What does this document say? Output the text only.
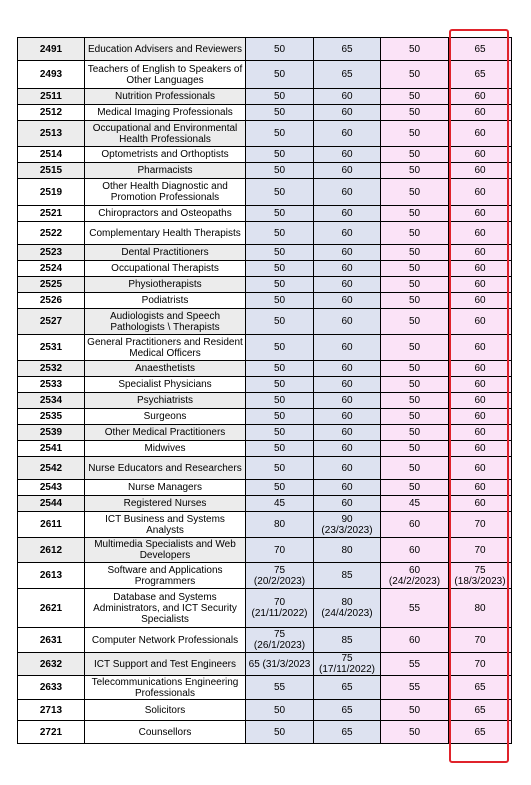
2491	Education Advisers and Reviewers	50	65	50	65
2493	Teachers of English to Speakers of Other Languages	50	65	50	65
2511	Nutrition Professionals	50	60	50	60
2512	Medical Imaging Professionals	50	60	50	60
2513	Occupational and Environmental Health Professionals	50	60	50	60
2514	Optometrists and Orthoptists	50	60	50	60
2515	Pharmacists	50	60	50	60
2519	Other Health Diagnostic and Promotion Professionals	50	60	50	60
2521	Chiropractors and Osteopaths	50	60	50	60
2522	Complementary Health Therapists	50	60	50	60
2523	Dental Practitioners	50	60	50	60
2524	Occupational Therapists	50	60	50	60
2525	Physiotherapists	50	60	50	60
2526	Podiatrists	50	60	50	60
2527	Audiologists and Speech Pathologists \ Therapists	50	60	50	60
2531	General Practitioners and Resident Medical Officers	50	60	50	60
2532	Anaesthetists	50	60	50	60
2533	Specialist Physicians	50	60	50	60
2534	Psychiatrists	50	60	50	60
2535	Surgeons	50	60	50	60
2539	Other Medical Practitioners	50	60	50	60
2541	Midwives	50	60	50	60
2542	Nurse Educators and Researchers	50	60	50	60
2543	Nurse Managers	50	60	50	60
2544	Registered Nurses	45	60	45	60
2611	ICT Business and Systems Analysts	80	90 (23/3/2023)	60	70
2612	Multimedia Specialists and Web Developers	70	80	60	70
2613	Software and Applications Programmers	75 (20/2/2023)	85	60 (24/2/2023)	75 (18/3/2023)
2621	Database and Systems Administrators, and ICT Security Specialists	70 (21/11/2022)	80 (24/4/2023)	55	80
2631	Computer Network Professionals	75 (26/1/2023)	85	60	70
2632	ICT Support and Test Engineers	65 (31/3/2023	75 (17/11/2022)	55	70
2633	Telecommunications Engineering Professionals	55	65	55	65
2713	Solicitors	50	65	50	65
2721	Counsellors	50	65	50	65
